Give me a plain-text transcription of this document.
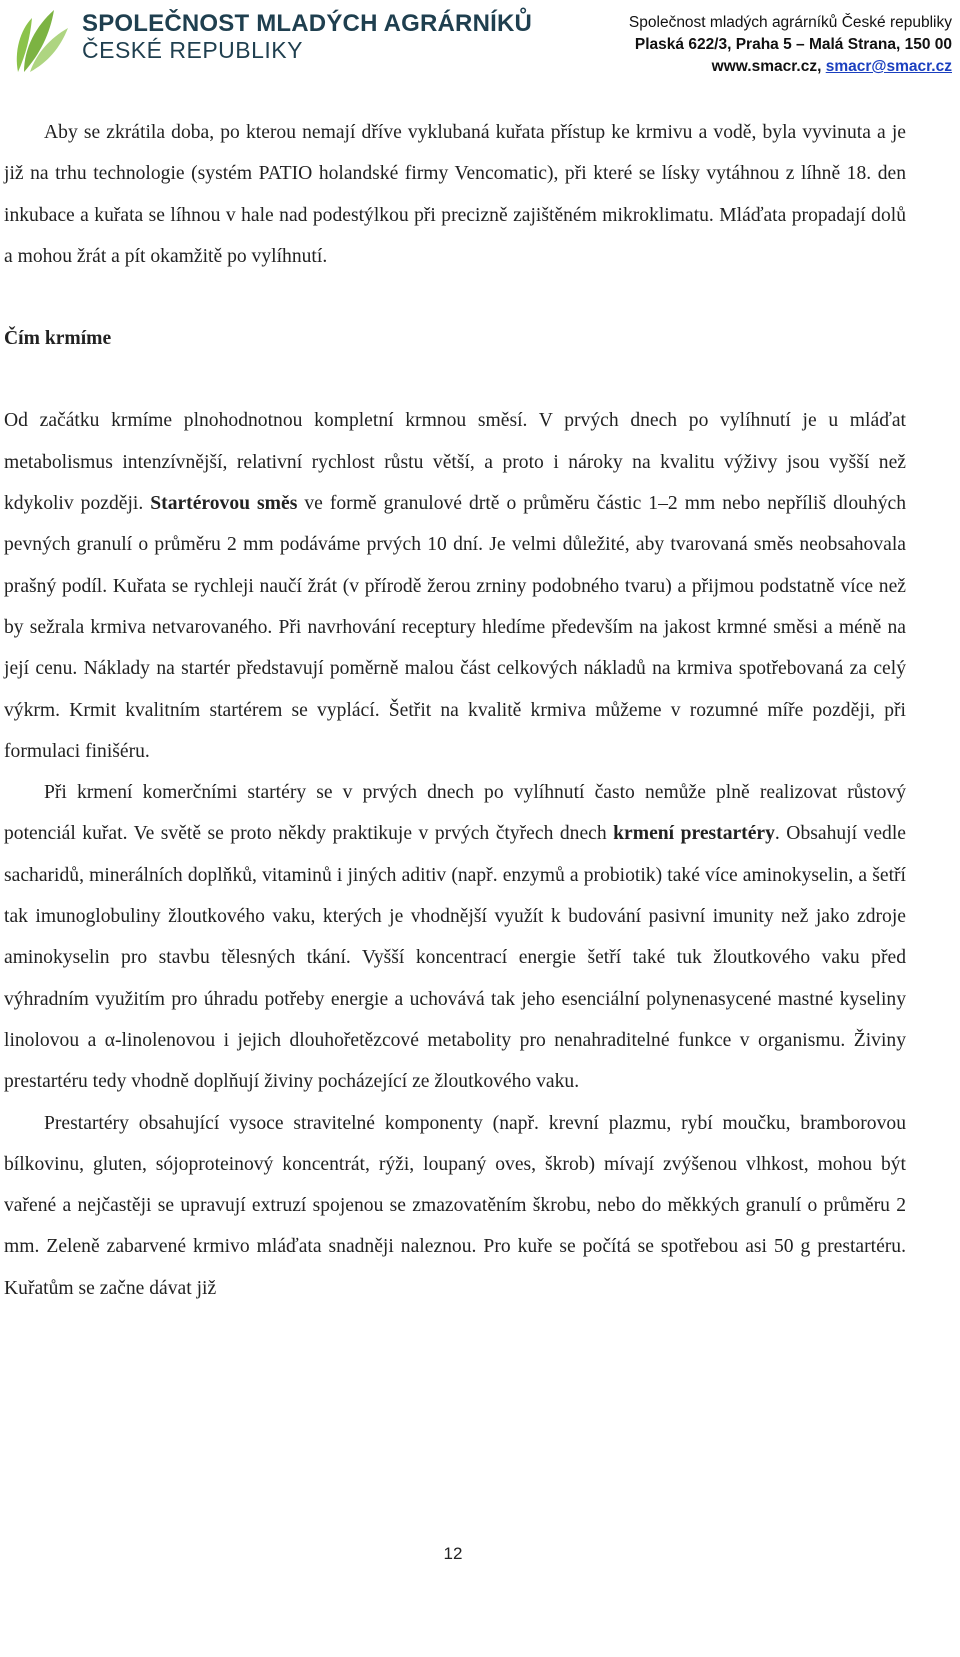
SPOLEČNOST MLADÝCH AGRÁRNÍKŮ
ČESKÉ REPUBLIKY
Společnost mladých agrárníků České republiky
Plaská 622/3, Praha 5 – Malá Strana, 150 00
www.smacr.cz, smacr@smacr.cz

Aby se zkrátila doba, po kterou nemají dříve vyklubaná kuřata přístup ke krmivu a vodě, byla vyvinuta a je již na trhu technologie (systém PATIO holandské firmy Vencomatic), při které se lísky vytáhnou z líhně 18. den inkubace a kuřata se líhnou v hale nad podestýlkou při precizně zajištěném mikroklimatu. Mláďata propadají dolů a mohou žrát a pít okamžitě po vylíhnutí.

Čím krmíme

Od začátku krmíme plnohodnotnou kompletní krmnou směsí. V prvých dnech po vylíhnutí je u mláďat metabolismus intenzívnější, relativní rychlost růstu větší, a proto i nároky na kvalitu výživy jsou vyšší než kdykoliv později. Startérovou směs ve formě granulové drtě o průměru částic 1–2 mm nebo nepříliš dlouhých pevných granulí o průměru 2 mm podáváme prvých 10 dní. Je velmi důležité, aby tvarovaná směs neobsahovala prašný podíl. Kuřata se rychleji naučí žrát (v přírodě žerou zrniny podobného tvaru) a přijmou podstatně více než by sežrala krmiva netvarovaného. Při navrhování receptury hledíme především na jakost krmné směsi a méně na její cenu. Náklady na startér představují poměrně malou část celkových nákladů na krmiva spotřebovaná za celý výkrm. Krmit kvalitním startérem se vyplácí. Šetřit na kvalitě krmiva můžeme v rozumné míře později, při formulaci finišéru.

Při krmení komerčními startéry se v prvých dnech po vylíhnutí často nemůže plně realizovat růstový potenciál kuřat. Ve světě se proto někdy praktikuje v prvých čtyřech dnech krmení prestartéry. Obsahují vedle sacharidů, minerálních doplňků, vitaminů i jiných aditiv (např. enzymů a probiotik) také více aminokyselin, a šetří tak imunoglobuliny žloutkového vaku, kterých je vhodnější využít k budování pasivní imunity než jako zdroje aminokyselin pro stavbu tělesných tkání. Vyšší koncentrací energie šetří také tuk žloutkového vaku před výhradním využitím pro úhradu potřeby energie a uchovává tak jeho esenciální polynenasycené mastné kyseliny linolovou a α-linolenovou i jejich dlouhořetězcové metabolity pro nenahraditelné funkce v organismu. Živiny prestartéru tedy vhodně doplňují živiny pocházející ze žloutkového vaku.

Prestartéry obsahující vysoce stravitelné komponenty (např. krevní plazmu, rybí moučku, bramborovou bílkovinu, gluten, sójoproteinový koncentrát, rýži, loupaný oves, škrob) mívají zvýšenou vlhkost, mohou být vařené a nejčastěji se upravují extruzí spojenou se zmazovatěním škrobu, nebo do měkkých granulí o průměru 2 mm. Zeleně zabarvené krmivo mláďata snadněji naleznou. Pro kuře se počítá se spotřebou asi 50 g prestartéru. Kuřatům se začne dávat již

12
